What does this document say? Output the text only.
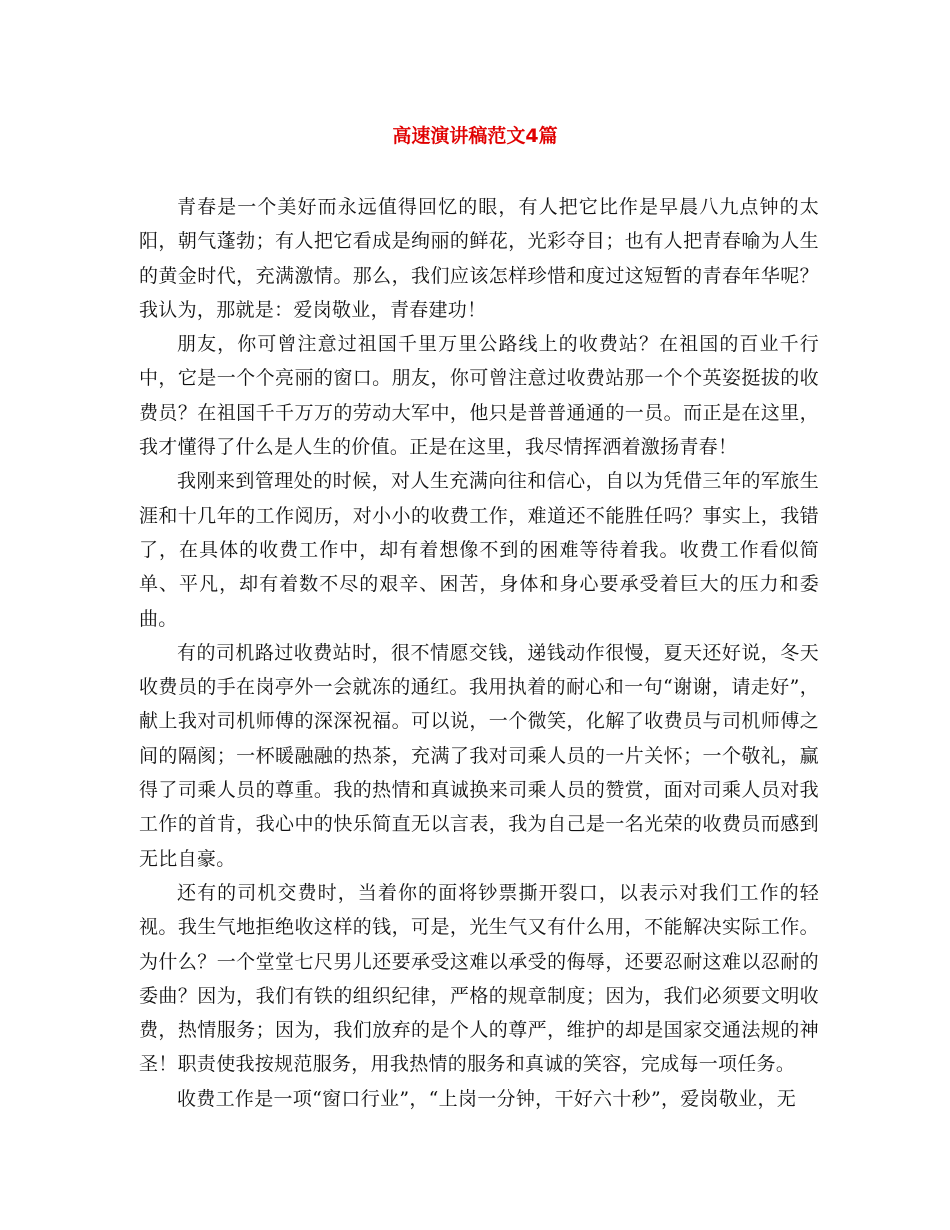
高速演讲稿范文4篇

青春是一个美好而永远值得回忆的眼，有人把它比作是早晨八九点钟的太阳，朝气蓬勃；有人把它看成是绚丽的鲜花，光彩夺目；也有人把青春喻为人生的黄金时代，充满激情。那么，我们应该怎样珍惜和度过这短暂的青春年华呢？我认为，那就是：爱岗敬业，青春建功！

朋友，你可曾注意过祖国千里万里公路线上的收费站？在祖国的百业千行中，它是一个个亮丽的窗口。朋友，你可曾注意过收费站那一个个英姿挺拔的收费员？在祖国千千万万的劳动大军中，他只是普普通通的一员。而正是在这里，我才懂得了什么是人生的价值。正是在这里，我尽情挥洒着激扬青春！

我刚来到管理处的时候，对人生充满向往和信心，自以为凭借三年的军旅生涯和十几年的工作阅历，对小小的收费工作，难道还不能胜任吗？事实上，我错了，在具体的收费工作中，却有着想像不到的困难等待着我。收费工作看似简单、平凡，却有着数不尽的艰辛、困苦，身体和身心要承受着巨大的压力和委曲。

有的司机路过收费站时，很不情愿交钱，递钱动作很慢，夏天还好说，冬天收费员的手在岗亭外一会就冻的通红。我用执着的耐心和一句“谢谢，请走好”，献上我对司机师傅的深深祝福。可以说，一个微笑，化解了收费员与司机师傅之间的隔阂；一杯暖融融的热茶，充满了我对司乘人员的一片关怀；一个敬礼，赢得了司乘人员的尊重。我的热情和真诚换来司乘人员的赞赏，面对司乘人员对我工作的首肯，我心中的快乐简直无以言表，我为自己是一名光荣的收费员而感到无比自豪。

还有的司机交费时，当着你的面将钞票撕开裂口，以表示对我们工作的轻视。我生气地拒绝收这样的钱，可是，光生气又有什么用，不能解决实际工作。为什么？一个堂堂七尺男儿还要承受这难以承受的侮辱，还要忍耐这难以忍耐的委曲？因为，我们有铁的组织纪律，严格的规章制度；因为，我们必须要文明收费，热情服务；因为，我们放弃的是个人的尊严，维护的却是国家交通法规的神圣！职责使我按规范服务，用我热情的服务和真诚的笑容，完成每一项任务。

收费工作是一项“窗口行业”，“上岗一分钟，干好六十秒”，爱岗敬业，无
